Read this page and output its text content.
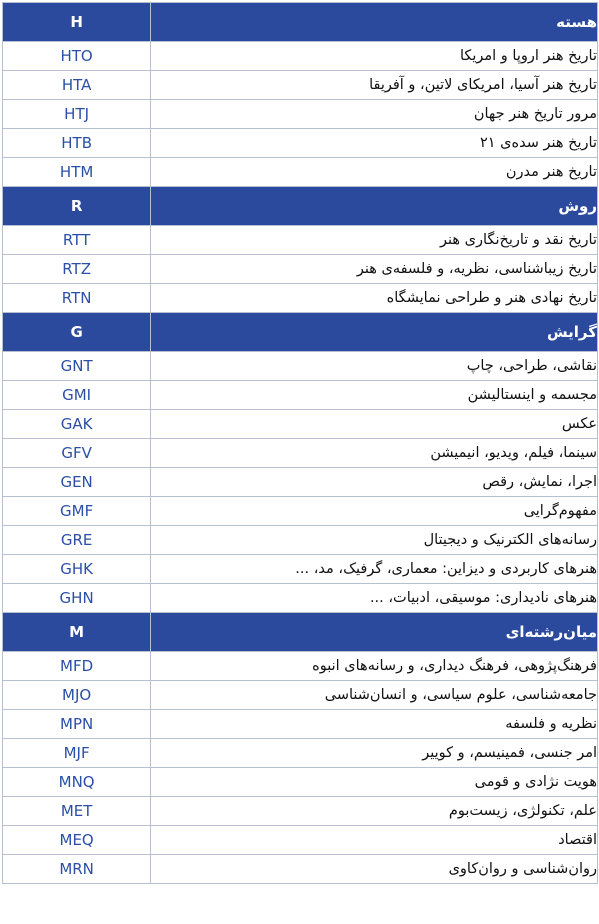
H	هسته
HTO	تاریخ هنر اروپا و امریکا
HTA	تاریخ هنر آسیا، امریکای لاتین، و آفریقا
HTJ	مرور تاریخ هنر جهان
HTB	تاریخ هنر سده‌ی ۲۱
HTM	تاریخ هنر مدرن
R	روش
RTT	تاریخ نقد و تاریخ‌نگاری هنر
RTZ	تاریخ زیباشناسی، نظریه، و فلسفه‌ی هنر
RTN	تاریخ نهادی هنر و طراحی نمایشگاه
G	گرایش
GNT	نقاشی، طراحی، چاپ
GMI	مجسمه و اینستالیشن
GAK	عکس
GFV	سینما، فیلم، ویدیو، انیمیشن
GEN	اجرا، نمایش، رقص
GMF	مفهوم‌گرایی
GRE	رسانه‌های الکترنیک و دیجیتال
GHK	هنرهای کاربردی و دیزاین: معماری، گرفیک، مد، ...
GHN	هنرهای نادیداری: موسیقی، ادبیات، ...
M	میان‌رشته‌ای
MFD	فرهنگ‌پژوهی، فرهنگ دیداری، و رسانه‌های انبوه
MJO	جامعه‌شناسی، علوم سیاسی، و انسان‌شناسی
MPN	نظریه و فلسفه
MJF	امر جنسی، فمینیسم، و کوییر
MNQ	هویت نژادی و قومی
MET	علم، تکنولژی، زیست‌بوم
MEQ	اقتصاد
MRN	روان‌شناسی و روان‌کاوی
